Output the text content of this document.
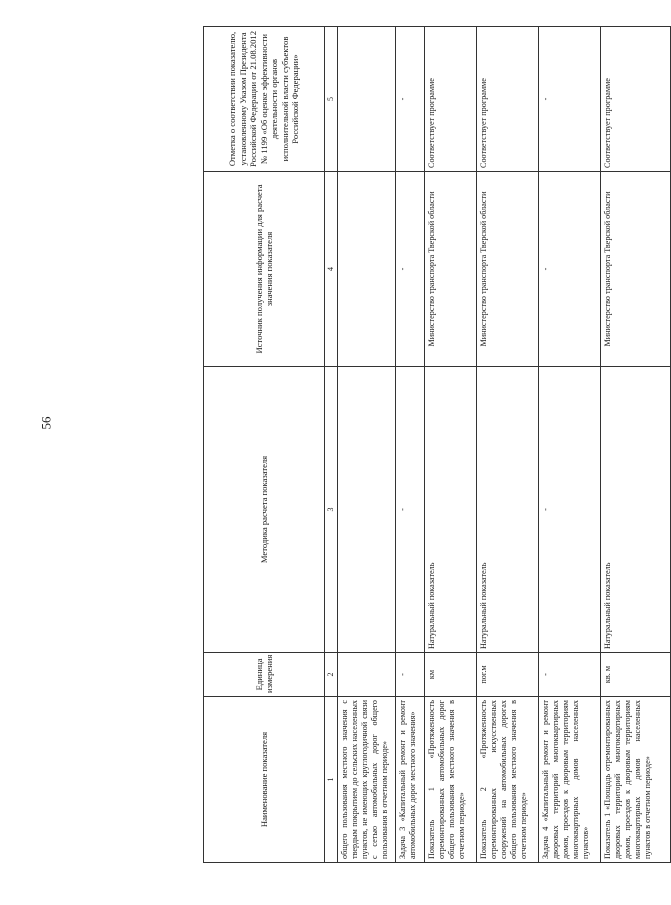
56
Наименование показателя	Единица измерения	Методика расчета показателя	Источник получения информации для расчета значения показателя	Отметка о соответствии показателю, установленному Указом Президента Российской Федерации от 21.08.2012 № 1199 «Об оценке эффективности деятельности органов исполнительной власти субъектов Российской Федерации»
1	2	3	4	5
общего пользования местного значения с твердым покрытием до сельских населенных пунктов, не имеющих круглогодичной связи с сетью автомобильных дорог общего пользования в отчетном периоде»				
Задача 3 «Капитальный ремонт и ремонт автомобильных дорог местного значения»	-	-	-	-
Показатель 1 «Протяженность отремонтированных автомобильных дорог общего пользования местного значения в отчетном периоде»	км	Натуральный показатель	Министерство транспорта Тверской области	Соответствует программе
Показатель 2 «Протяженность отремонтированных искусственных сооружений на автомобильных дорогах общего пользования местного значения в отчетном периоде»	пог.м	Натуральный показатель	Министерство транспорта Тверской области	Соответствует программе
Задача 4 «Капитальный ремонт и ремонт дворовых территорий многоквартирных домов, проездов к дворовым территориям многоквартирных домов населенных пунктов»	-	-	-	-
Показатель 1 «Площадь отремонтированных дворовых территорий многоквартирных домов, проездов к дворовым территориям многоквартирных домов населенных пунктов в отчетном периоде»	кв. м	Натуральный показатель	Министерство транспорта Тверской области	Соответствует программе
